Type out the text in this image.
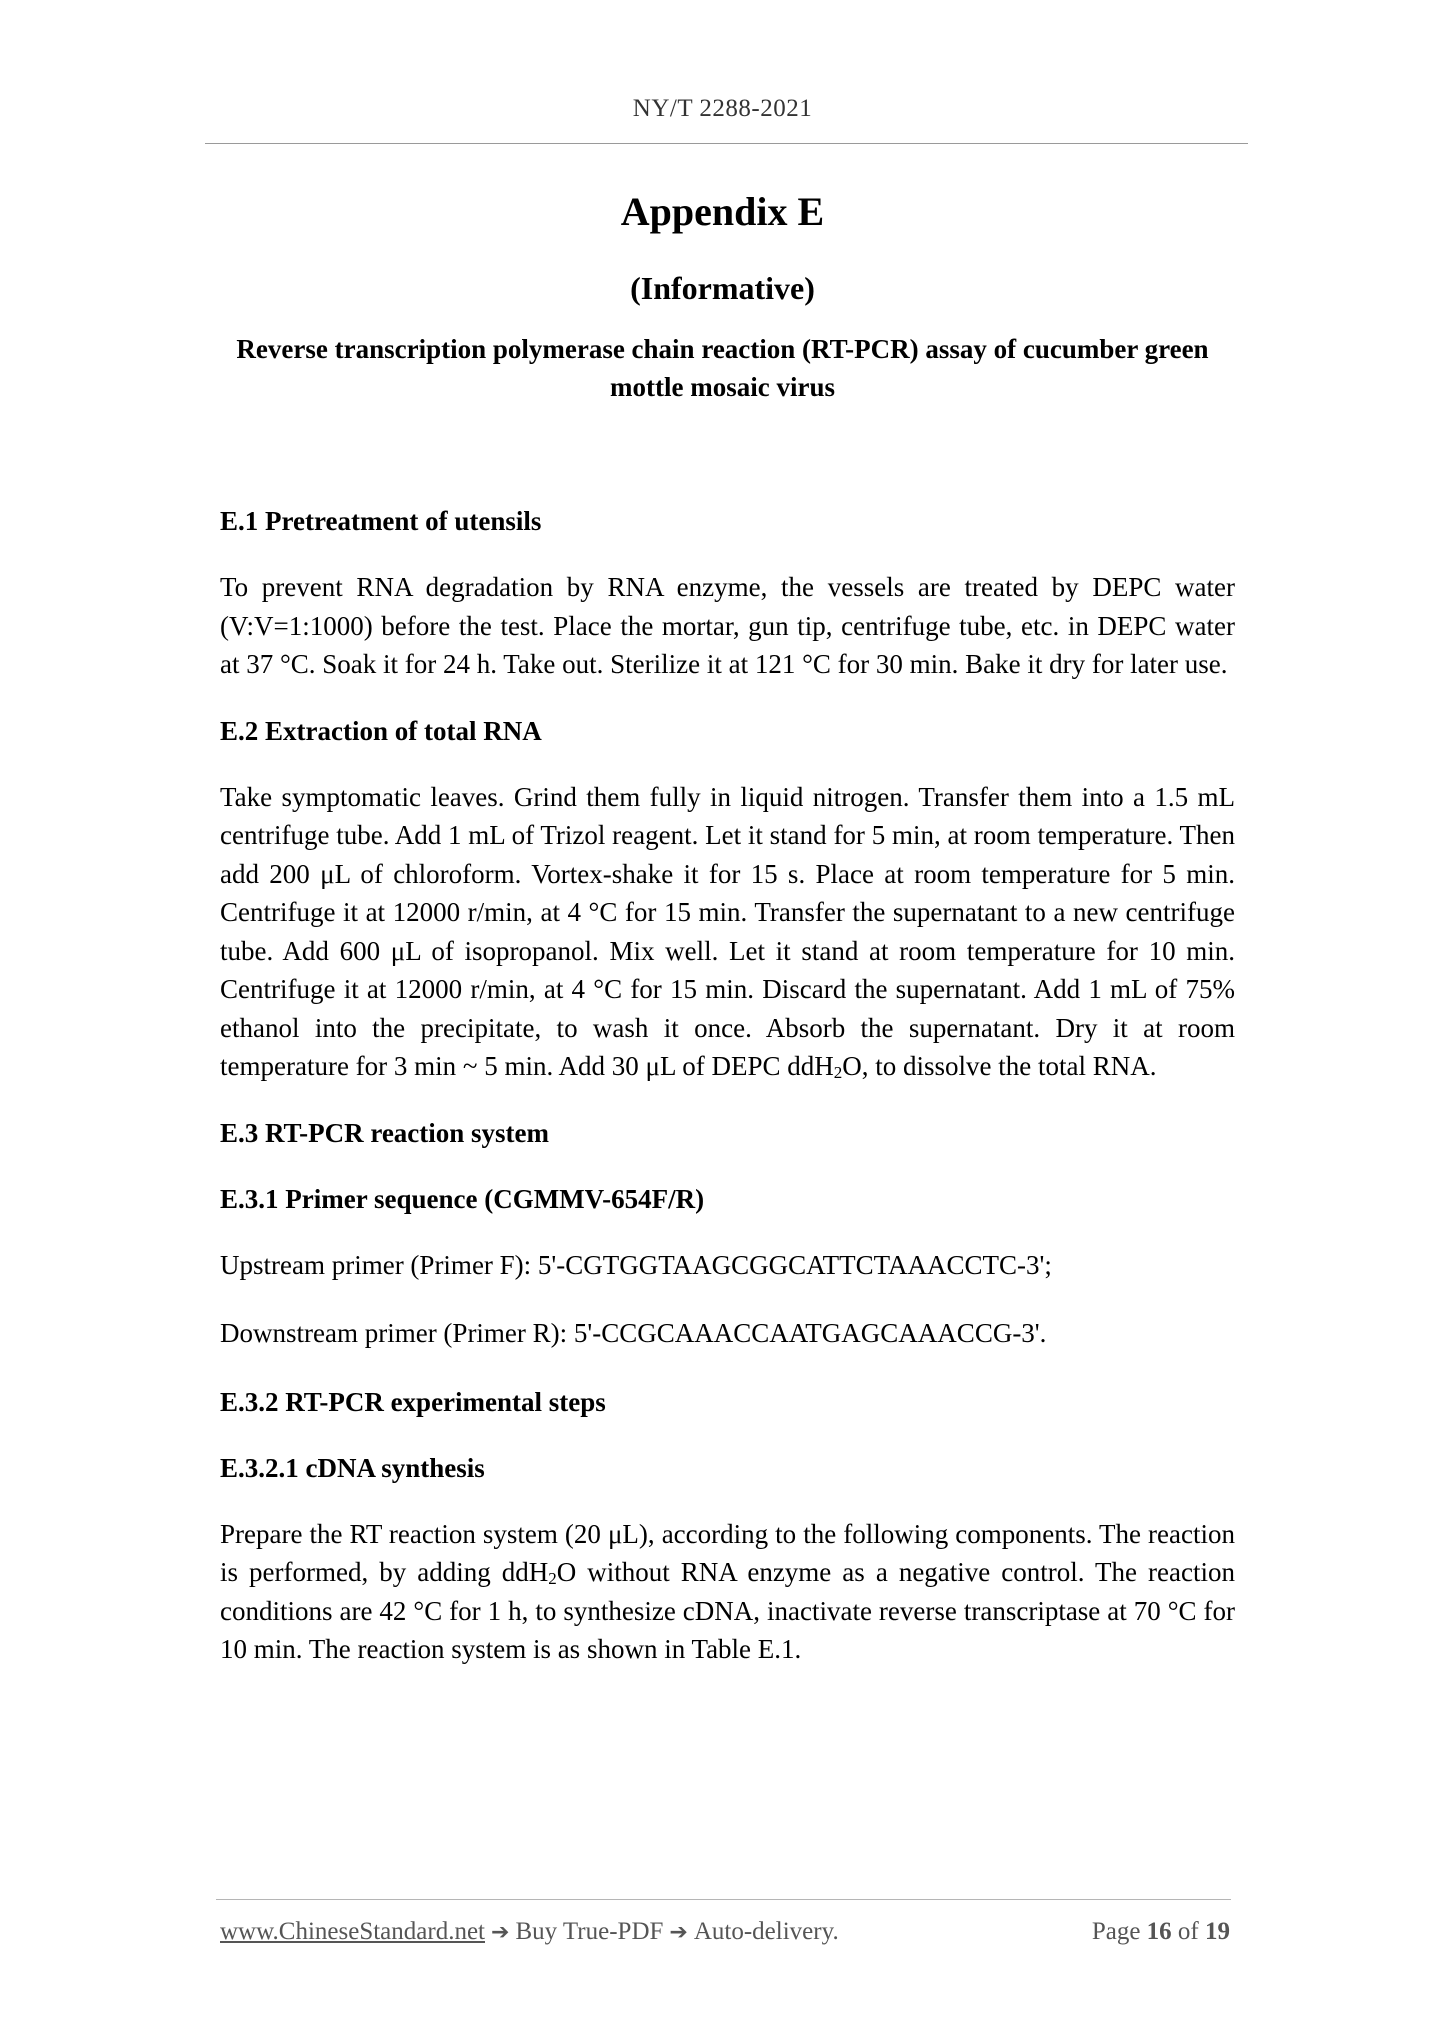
NY/T 2288-2021
Appendix E
(Informative)
Reverse transcription polymerase chain reaction (RT-PCR) assay of cucumber green mottle mosaic virus
E.1 Pretreatment of utensils
To prevent RNA degradation by RNA enzyme, the vessels are treated by DEPC water (V:V=1:1000) before the test. Place the mortar, gun tip, centrifuge tube, etc. in DEPC water at 37 °C. Soak it for 24 h. Take out. Sterilize it at 121 °C for 30 min. Bake it dry for later use.
E.2 Extraction of total RNA
Take symptomatic leaves. Grind them fully in liquid nitrogen. Transfer them into a 1.5 mL centrifuge tube. Add 1 mL of Trizol reagent. Let it stand for 5 min, at room temperature. Then add 200 μL of chloroform. Vortex-shake it for 15 s. Place at room temperature for 5 min. Centrifuge it at 12000 r/min, at 4 °C for 15 min. Transfer the supernatant to a new centrifuge tube. Add 600 μL of isopropanol. Mix well. Let it stand at room temperature for 10 min. Centrifuge it at 12000 r/min, at 4 °C for 15 min. Discard the supernatant. Add 1 mL of 75% ethanol into the precipitate, to wash it once. Absorb the supernatant. Dry it at room temperature for 3 min ~ 5 min. Add 30 μL of DEPC ddH$_2$O, to dissolve the total RNA.
E.3 RT-PCR reaction system
E.3.1 Primer sequence (CGMMV-654F/R)
Upstream primer (Primer F): 5'-CGTGGTAAGCGGCATTCTAAACCTC-3';
Downstream primer (Primer R): 5'-CCGCAAACCAATGAGCAAACCG-3'.
E.3.2 RT-PCR experimental steps
E.3.2.1 cDNA synthesis
Prepare the RT reaction system (20 μL), according to the following components. The reaction is performed, by adding ddH$_2$O without RNA enzyme as a negative control. The reaction conditions are 42 °C for 1 h, to synthesize cDNA, inactivate reverse transcriptase at 70 °C for 10 min. The reaction system is as shown in Table E.1.
www.ChineseStandard.net ➔ Buy True-PDF ➔ Auto-delivery.	Page 16 of 19
